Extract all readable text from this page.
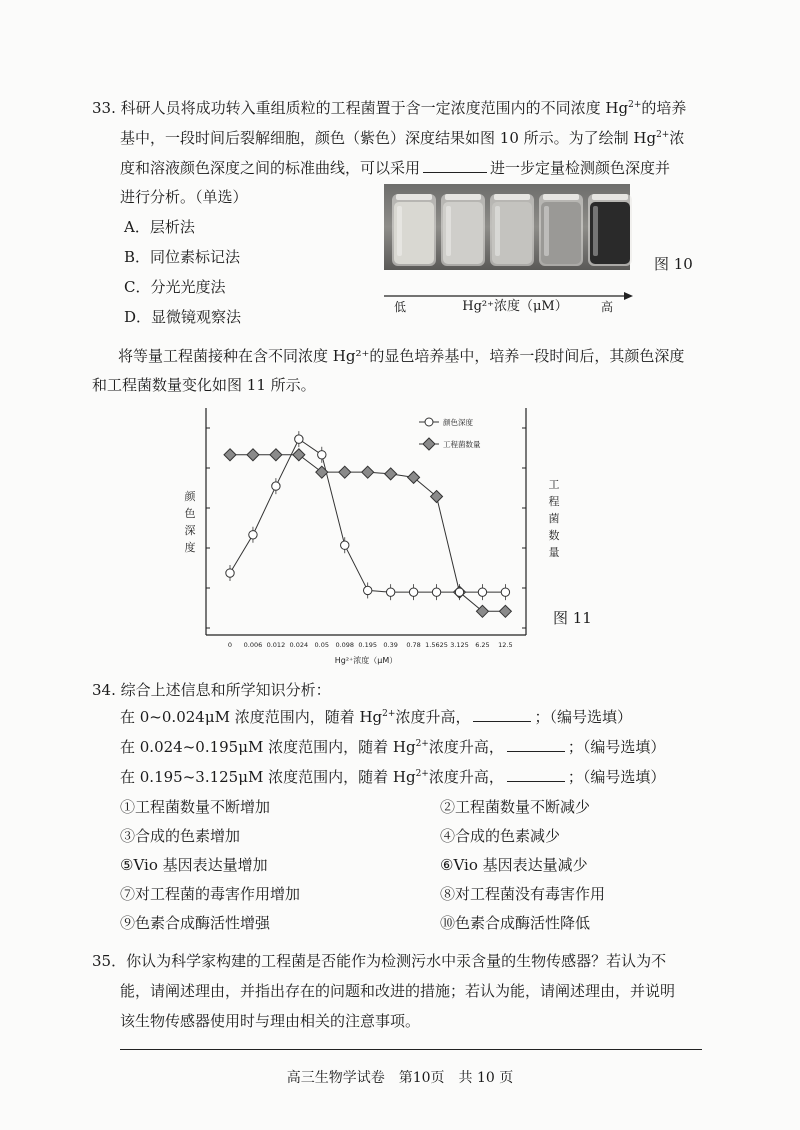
33. 科研人员将成功转入重组质粒的工程菌置于含一定浓度范围内的不同浓度 $Hg^{2+}$的培养
基中，一段时间后裂解细胞，颜色（紫色）深度结果如图 10 所示。为了绘制 $Hg^{2+}$浓
度和溶液颜色深度之间的标准曲线，可以采用	进一步定量检测颜色深度并
进行分析。（单选）
A．层析法
B．同位素标记法
C．分光光度法
D．显微镜观察法
图 10
低	Hg²⁺浓度（μM）	高
将等量工程菌接种在含不同浓度 Hg²⁺的显色培养基中，培养一段时间后，其颜色深度
和工程菌数量变化如图 11 所示。
0 0.006 0.012 0.024 0.05 0.098 0.195 0.39 0.78 1.5625 3.125 6.25 12.5
Hg²⁺浓度（μM）
颜色深度
工程菌数量
颜色深度
工程菌数量
图 11
34. 综合上述信息和所学知识分析：
在 0~0.024μM 浓度范围内，随着 $Hg^{2+}$浓度升高，	；（编号选填）
在 0.024~0.195μM 浓度范围内，随着 $Hg^{2+}$浓度升高，	；（编号选填）
在 0.195~3.125μM 浓度范围内，随着 $Hg^{2+}$浓度升高，	；（编号选填）
①工程菌数量不断增加	②工程菌数量不断减少
③合成的色素增加	④合成的色素减少
⑤Vio 基因表达量增加	⑥Vio 基因表达量减少
⑦对工程菌的毒害作用增加	⑧对工程菌没有毒害作用
⑨色素合成酶活性增强	⑩色素合成酶活性降低
35．你认为科学家构建的工程菌是否能作为检测污水中汞含量的生物传感器？若认为不
能，请阐述理由，并指出存在的问题和改进的措施；若认为能，请阐述理由，并说明
该生物传感器使用时与理由相关的注意事项。
高三生物学试卷　第10页　共 10 页
